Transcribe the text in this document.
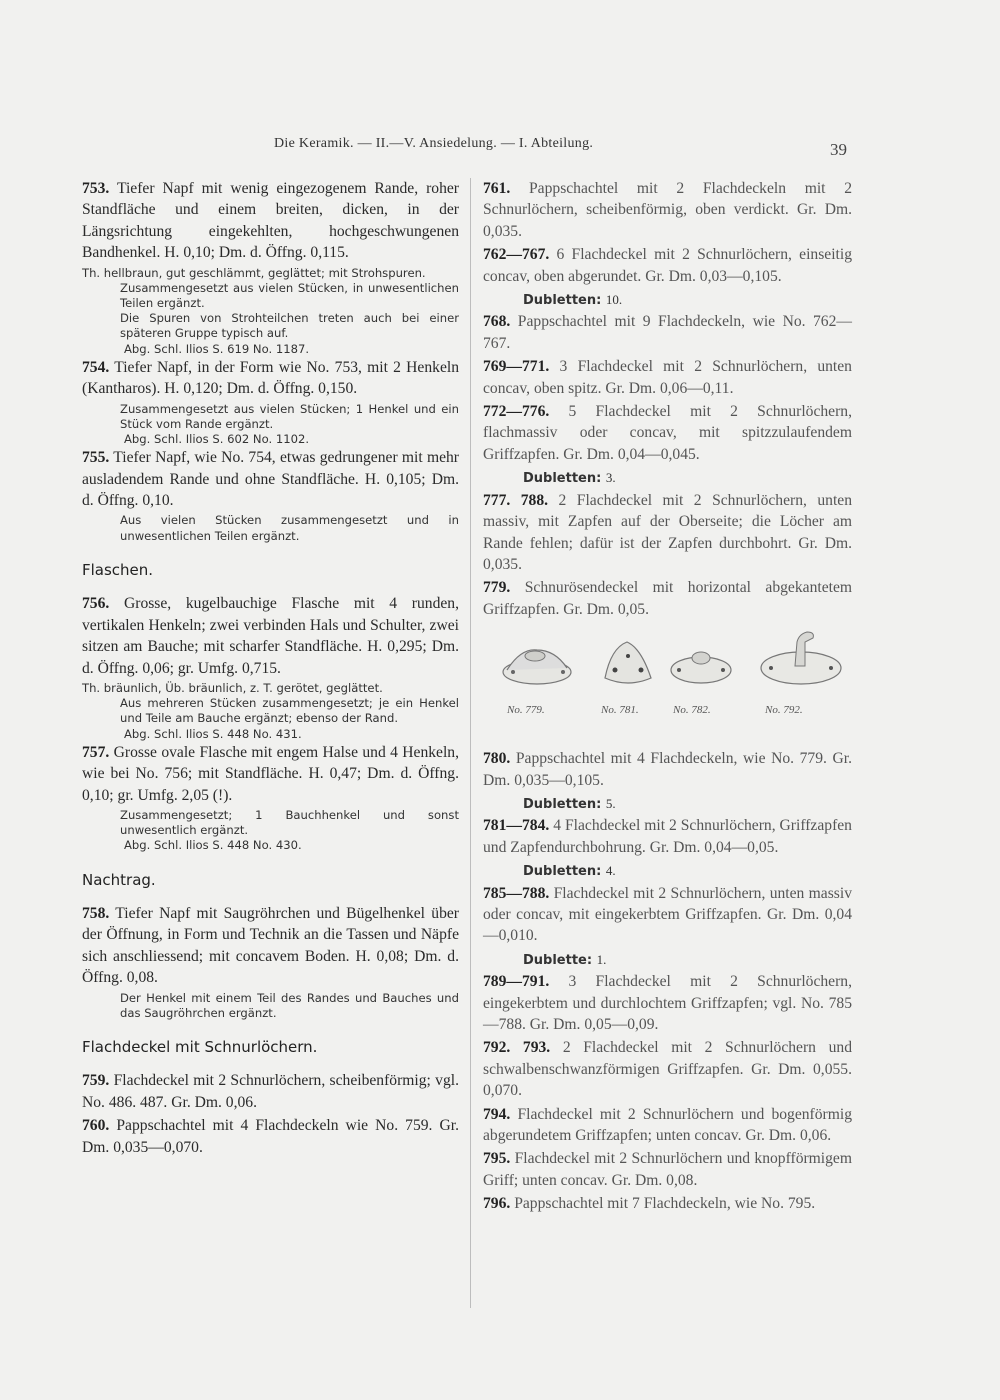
Die Keramik. — II.—V. Ansiedelung. — I. Abteilung.	39

753. Tiefer Napf mit wenig eingezogenem Rande, roher Standfläche und einem breiten, dicken, in der Längsrichtung eingekehlten, hochgeschwungenen Bandhenkel. H. 0,10; Dm. d. Öffng. 0,115.

Th. hellbraun, gut geschlämmt, geglättet; mit Strohspuren.

Zusammengesetzt aus vielen Stücken, in unwesentlichen Teilen ergänzt.

Die Spuren von Strohteilchen treten auch bei einer späteren Gruppe typisch auf.

Abg. Schl. Ilios S. 619 No. 1187.

754. Tiefer Napf, in der Form wie No. 753, mit 2 Henkeln (Kantharos). H. 0,120; Dm. d. Öffng. 0,150.

Zusammengesetzt aus vielen Stücken; 1 Henkel und ein Stück vom Rande ergänzt.

Abg. Schl. Ilios S. 602 No. 1102.

755. Tiefer Napf, wie No. 754, etwas gedrungener mit mehr ausladendem Rande und ohne Standfläche. H. 0,105; Dm. d. Öffng. 0,10.

Aus vielen Stücken zusammengesetzt und in unwesentlichen Teilen ergänzt.

Flaschen.

756. Grosse, kugelbauchige Flasche mit 4 runden, vertikalen Henkeln; zwei verbinden Hals und Schulter, zwei sitzen am Bauche; mit scharfer Standfläche. H. 0,295; Dm. d. Öffng. 0,06; gr. Umfg. 0,715.

Th. bräunlich, Üb. bräunlich, z. T. gerötet, geglättet.

Aus mehreren Stücken zusammengesetzt; je ein Henkel und Teile am Bauche ergänzt; ebenso der Rand.

Abg. Schl. Ilios S. 448 No. 431.

757. Grosse ovale Flasche mit engem Halse und 4 Henkeln, wie bei No. 756; mit Standfläche. H. 0,47; Dm. d. Öffng. 0,10; gr. Umfg. 2,05 (!).

Zusammengesetzt; 1 Bauchhenkel und sonst unwesentlich ergänzt.

Abg. Schl. Ilios S. 448 No. 430.

Nachtrag.

758. Tiefer Napf mit Saugröhrchen und Bügelhenkel über der Öffnung, in Form und Technik an die Tassen und Näpfe sich anschliessend; mit concavem Boden. H. 0,08; Dm. d. Öffng. 0,08.

Der Henkel mit einem Teil des Randes und Bauches und das Saugröhrchen ergänzt.

Flachdeckel mit Schnurlöchern.

759. Flachdeckel mit 2 Schnurlöchern, scheibenförmig; vgl. No. 486. 487. Gr. Dm. 0,06.

760. Pappschachtel mit 4 Flachdeckeln wie No. 759. Gr. Dm. 0,035—0,070.

761. Pappschachtel mit 2 Flachdeckeln mit 2 Schnurlöchern, scheibenförmig, oben verdickt. Gr. Dm. 0,035.

762—767. 6 Flachdeckel mit 2 Schnurlöchern, einseitig concav, oben abgerundet. Gr. Dm. 0,03—0,105.

Dubletten: 10.

768. Pappschachtel mit 9 Flachdeckeln, wie No. 762—767.

769—771. 3 Flachdeckel mit 2 Schnurlöchern, unten concav, oben spitz. Gr. Dm. 0,06—0,11.

772—776. 5 Flachdeckel mit 2 Schnurlöchern, flachmassiv oder concav, mit spitzzulaufendem Griffzapfen. Gr. Dm. 0,04—0,045.

Dubletten: 3.

777. 788. 2 Flachdeckel mit 2 Schnurlöchern, unten massiv, mit Zapfen auf der Oberseite; die Löcher am Rande fehlen; dafür ist der Zapfen durchbohrt. Gr. Dm. 0,035.

779. Schnurösendeckel mit horizontal abgekantetem Griffzapfen. Gr. Dm. 0,05.

No. 779.	No. 781.	No. 782.	No. 792.

780. Pappschachtel mit 4 Flachdeckeln, wie No. 779. Gr. Dm. 0,035—0,105.

Dubletten: 5.

781—784. 4 Flachdeckel mit 2 Schnurlöchern, Griffzapfen und Zapfendurchbohrung. Gr. Dm. 0,04—0,05.

Dubletten: 4.

785—788. Flachdeckel mit 2 Schnurlöchern, unten massiv oder concav, mit eingekerbtem Griffzapfen. Gr. Dm. 0,04—0,010.

Dublette: 1.

789—791. 3 Flachdeckel mit 2 Schnurlöchern, eingekerbtem und durchlochtem Griffzapfen; vgl. No. 785—788. Gr. Dm. 0,05—0,09.

792. 793. 2 Flachdeckel mit 2 Schnurlöchern und schwalbenschwanzförmigen Griffzapfen. Gr. Dm. 0,055. 0,070.

794. Flachdeckel mit 2 Schnurlöchern und bogenförmig abgerundetem Griffzapfen; unten concav. Gr. Dm. 0,06.

795. Flachdeckel mit 2 Schnurlöchern und knopfförmigem Griff; unten concav. Gr. Dm. 0,08.

796. Pappschachtel mit 7 Flachdeckeln, wie No. 795.
